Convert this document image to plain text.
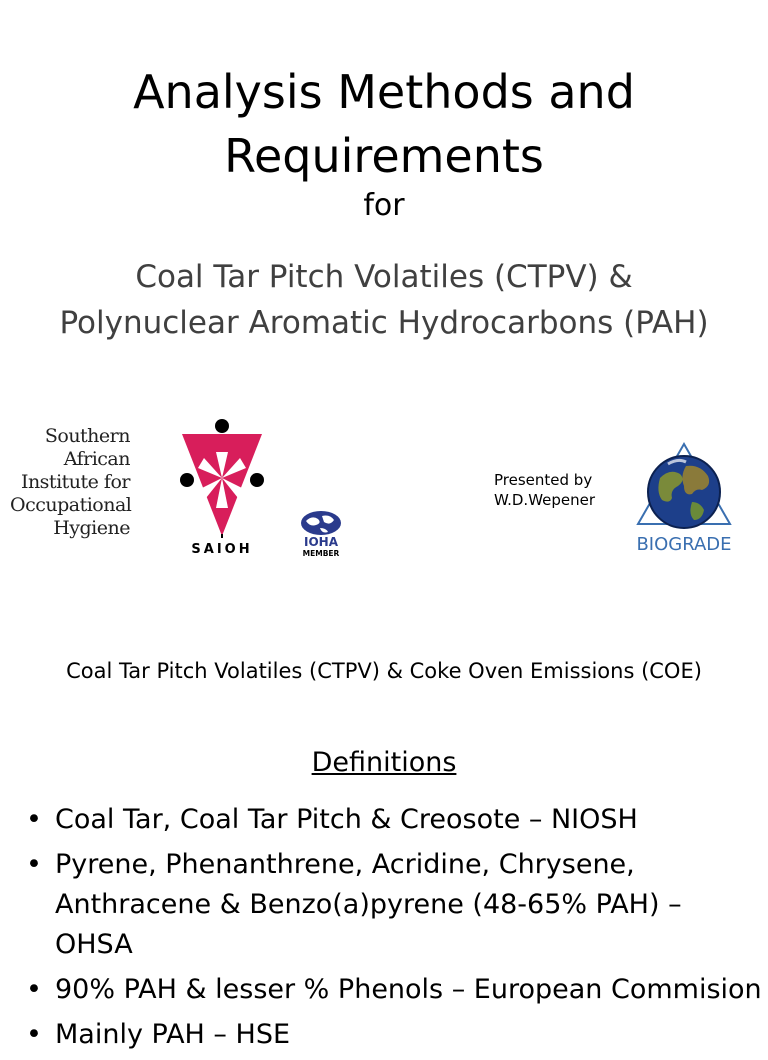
Analysis Methods and Requirements
for
Coal Tar Pitch Volatiles (CTPV) &
Polynuclear Aromatic Hydrocarbons (PAH)
Southern
African
Institute for
Occupational
Hygiene
SAIOH	IOHA
MEMBER
Presented by
W.D.Wepener
BIOGRADE
Coal Tar Pitch Volatiles (CTPV) & Coke Oven Emissions (COE)
Definitions
• Coal Tar, Coal Tar Pitch & Creosote – NIOSH
• Pyrene, Phenanthrene, Acridine, Chrysene, Anthracene & Benzo(a)pyrene (48-65% PAH) – OHSA
• 90% PAH & lesser % Phenols – European Commision
• Mainly PAH – HSE
